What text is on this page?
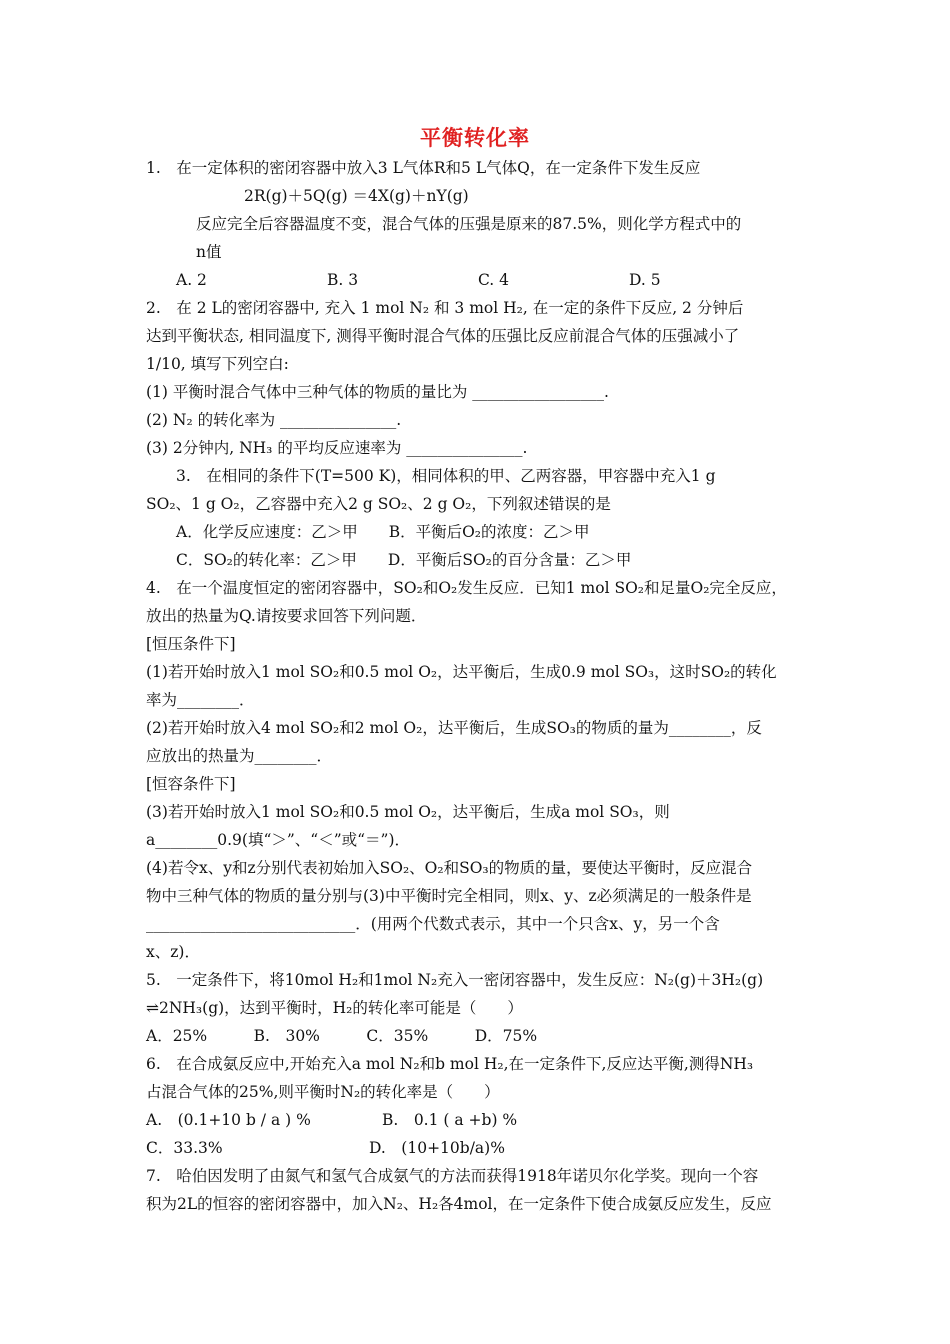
平衡转化率
1.　在一定体积的密闭容器中放入3 L气体R和5 L气体Q，在一定条件下发生反应
2R(g)＋5Q(g) ＝4X(g)＋nY(g)
反应完全后容器温度不变，混合气体的压强是原来的87.5%，则化学方程式中的
n值
A. 2	B. 3	C. 4	D. 5
2.　在 2 L的密闭容器中, 充入 1 mol N₂ 和 3 mol H₂, 在一定的条件下反应, 2 分钟后
达到平衡状态, 相同温度下, 测得平衡时混合气体的压强比反应前混合气体的压强减小了
1/10, 填写下列空白:
(1) 平衡时混合气体中三种气体的物质的量比为 _________________.
(2) N₂ 的转化率为 _______________.
(3) 2分钟内, NH₃ 的平均反应速率为 _______________.
3.　在相同的条件下(T=500 K)，相同体积的甲、乙两容器，甲容器中充入1 g
SO₂、1 g O₂，乙容器中充入2 g SO₂、2 g O₂，下列叙述错误的是
A．化学反应速度：乙＞甲　　B．平衡后O₂的浓度：乙＞甲
C．SO₂的转化率：乙＞甲　　D．平衡后SO₂的百分含量：乙＞甲
4.　在一个温度恒定的密闭容器中，SO₂和O₂发生反应．已知1 mol SO₂和足量O₂完全反应，
放出的热量为Q.请按要求回答下列问题．
[恒压条件下]
(1)若开始时放入1 mol SO₂和0.5 mol O₂，达平衡后，生成0.9 mol SO₃，这时SO₂的转化
率为________．
(2)若开始时放入4 mol SO₂和2 mol O₂，达平衡后，生成SO₃的物质的量为________，反
应放出的热量为________．
[恒容条件下]
(3)若开始时放入1 mol SO₂和0.5 mol O₂，达平衡后，生成a mol SO₃，则
a________0.9(填“＞”、“＜”或“＝”)．
(4)若令x、y和z分别代表初始加入SO₂、O₂和SO₃的物质的量，要使达平衡时，反应混合
物中三种气体的物质的量分别与(3)中平衡时完全相同，则x、y、z必须满足的一般条件是
___________________________．(用两个代数式表示，其中一个只含x、y，另一个含
x、z)．
5.　一定条件下，将10mol H₂和1mol N₂充入一密闭容器中，发生反应：N₂(g)＋3H₂(g)
⇌2NH₃(g)，达到平衡时，H₂的转化率可能是（　　）
A．25%　　　B.　30%　　　C．35%　　　D．75%
6.　在合成氨反应中,开始充入a mol N₂和b mol H₂,在一定条件下,反应达平衡,测得NH₃
占混合气体的25%,则平衡时N₂的转化率是（　　）
A.　(0.1+10 b / a ) %	B.　0.1 ( a +b) %
C．33.3%	D.　(10+10b/a)%
7.　哈伯因发明了由氮气和氢气合成氨气的方法而获得1918年诺贝尔化学奖。现向一个容
积为2L的恒容的密闭容器中，加入N₂、H₂各4mol，在一定条件下使合成氨反应发生，反应
